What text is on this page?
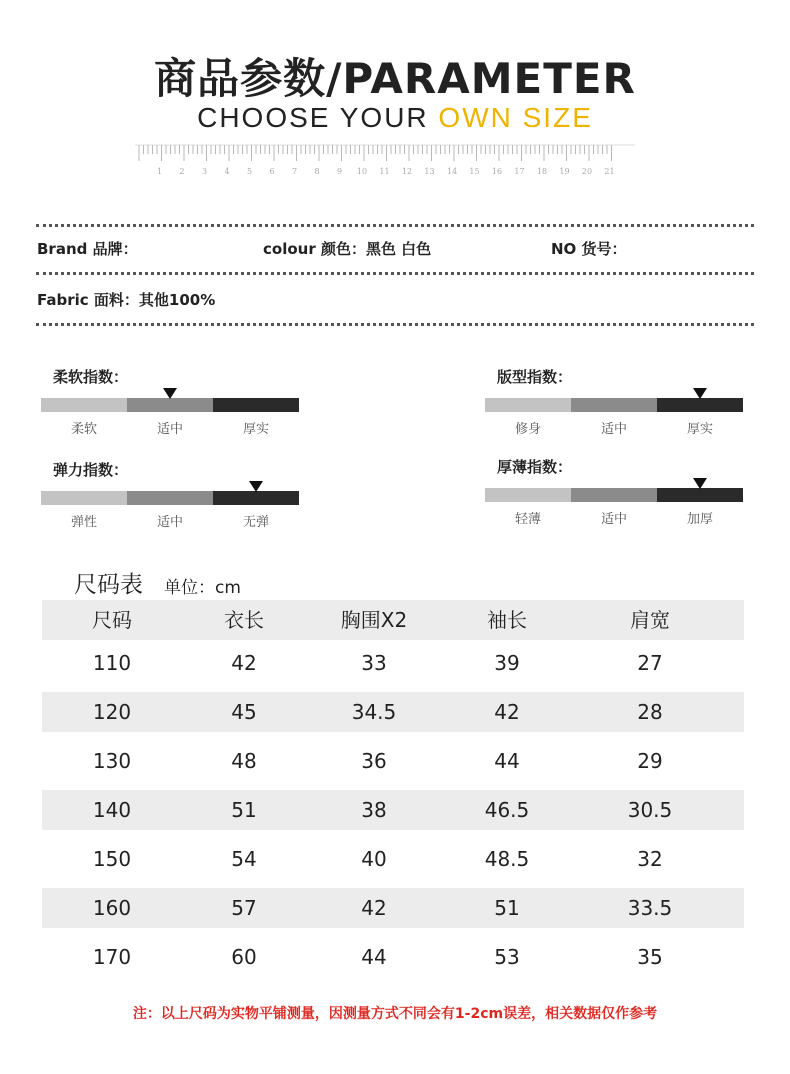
商品参数/PARAMETER
CHOOSE YOUR OWN SIZE
1 2 3 4 5 6 7 8 9 10 11 12 13 14 15 16 17 18 19 20 21
Brand 品牌：	colour 颜色：黑色 白色	NO 货号：
Fabric 面料：其他100%
柔软指数：
柔软	适中	厚实
版型指数：
修身	适中	厚实
弹力指数：
弹性	适中	无弹
厚薄指数：
轻薄	适中	加厚
尺码表 单位：cm
尺码	衣长	胸围X2	袖长	肩宽
110	42	33	39	27
120	45	34.5	42	28
130	48	36	44	29
140	51	38	46.5	30.5
150	54	40	48.5	32
160	57	42	51	33.5
170	60	44	53	35
注：以上尺码为实物平铺测量，因测量方式不同会有1-2cm误差，相关数据仅作参考
